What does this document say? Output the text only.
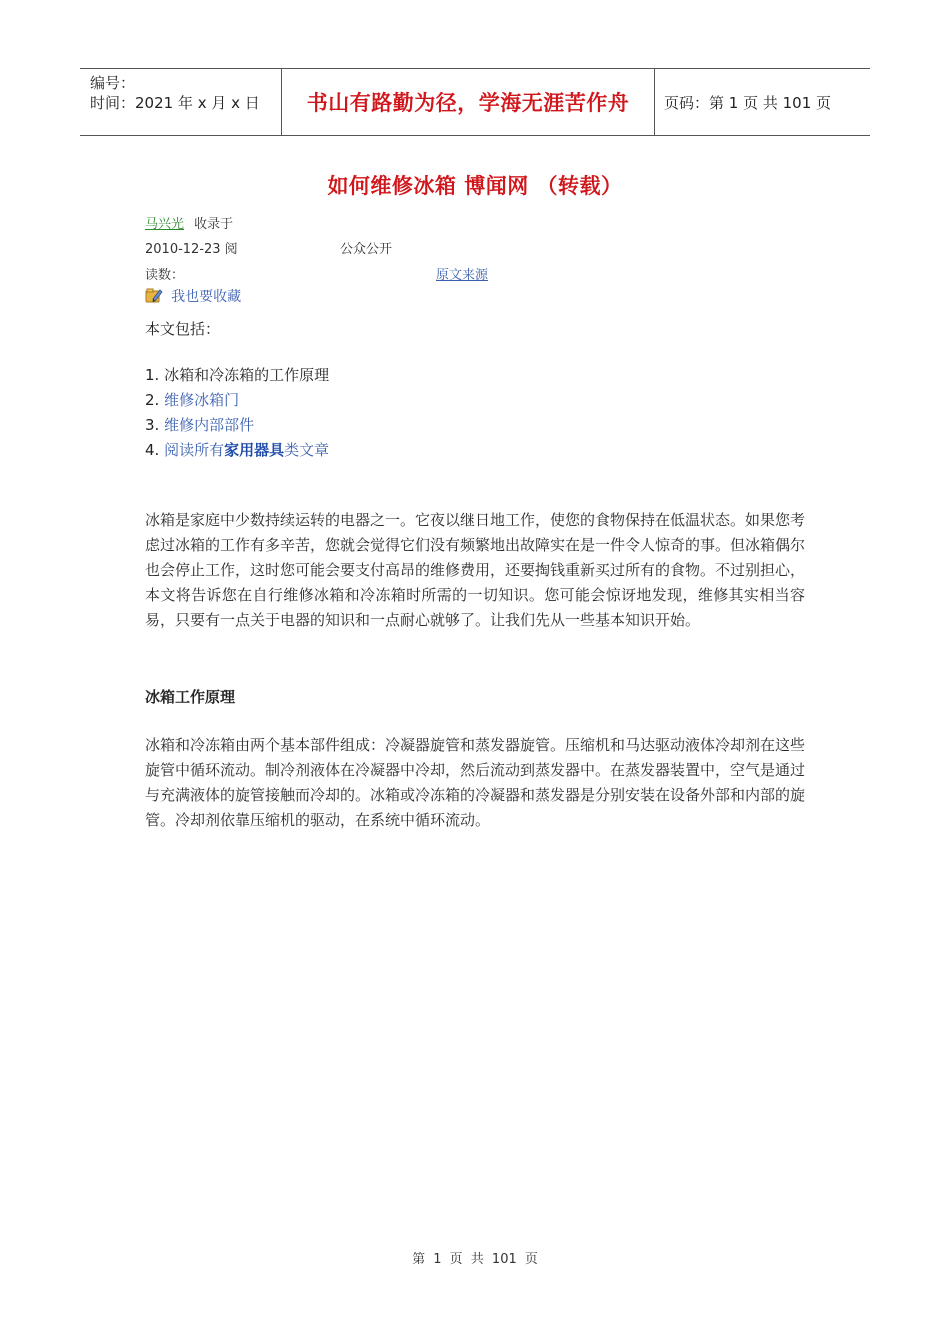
编号：
时间：2021 年 x 月 x 日	书山有路勤为径，学海无涯苦作舟 页码：第 1 页 共 101 页
如何维修冰箱 博闻网 （转载）
马兴光 收录于
2010-12-23 阅	公众公开
读数：	原文来源
我也要收藏
本文包括：
1. 冰箱和冷冻箱的工作原理
2. 维修冰箱门
3. 维修内部部件
4. 阅读所有家用器具类文章
冰箱是家庭中少数持续运转的电器之一。它夜以继日地工作，使您的食物保持在低温状态。如果您考虑过冰箱的工作有多辛苦，您就会觉得它们没有频繁地出故障实在是一件令人惊奇的事。但冰箱偶尔也会停止工作，这时您可能会要支付高昂的维修费用，还要掏钱重新买过所有的食物。不过别担心，本文将告诉您在自行维修冰箱和冷冻箱时所需的一切知识。您可能会惊讶地发现，维修其实相当容易，只要有一点关于电器的知识和一点耐心就够了。让我们先从一些基本知识开始。
冰箱工作原理
冰箱和冷冻箱由两个基本部件组成：冷凝器旋管和蒸发器旋管。压缩机和马达驱动液体冷却剂在这些旋管中循环流动。制冷剂液体在冷凝器中冷却，然后流动到蒸发器中。在蒸发器装置中，空气是通过与充满液体的旋管接触而冷却的。冰箱或冷冻箱的冷凝器和蒸发器是分别安装在设备外部和内部的旋管。冷却剂依靠压缩机的驱动，在系统中循环流动。
第 1 页 共 101 页
